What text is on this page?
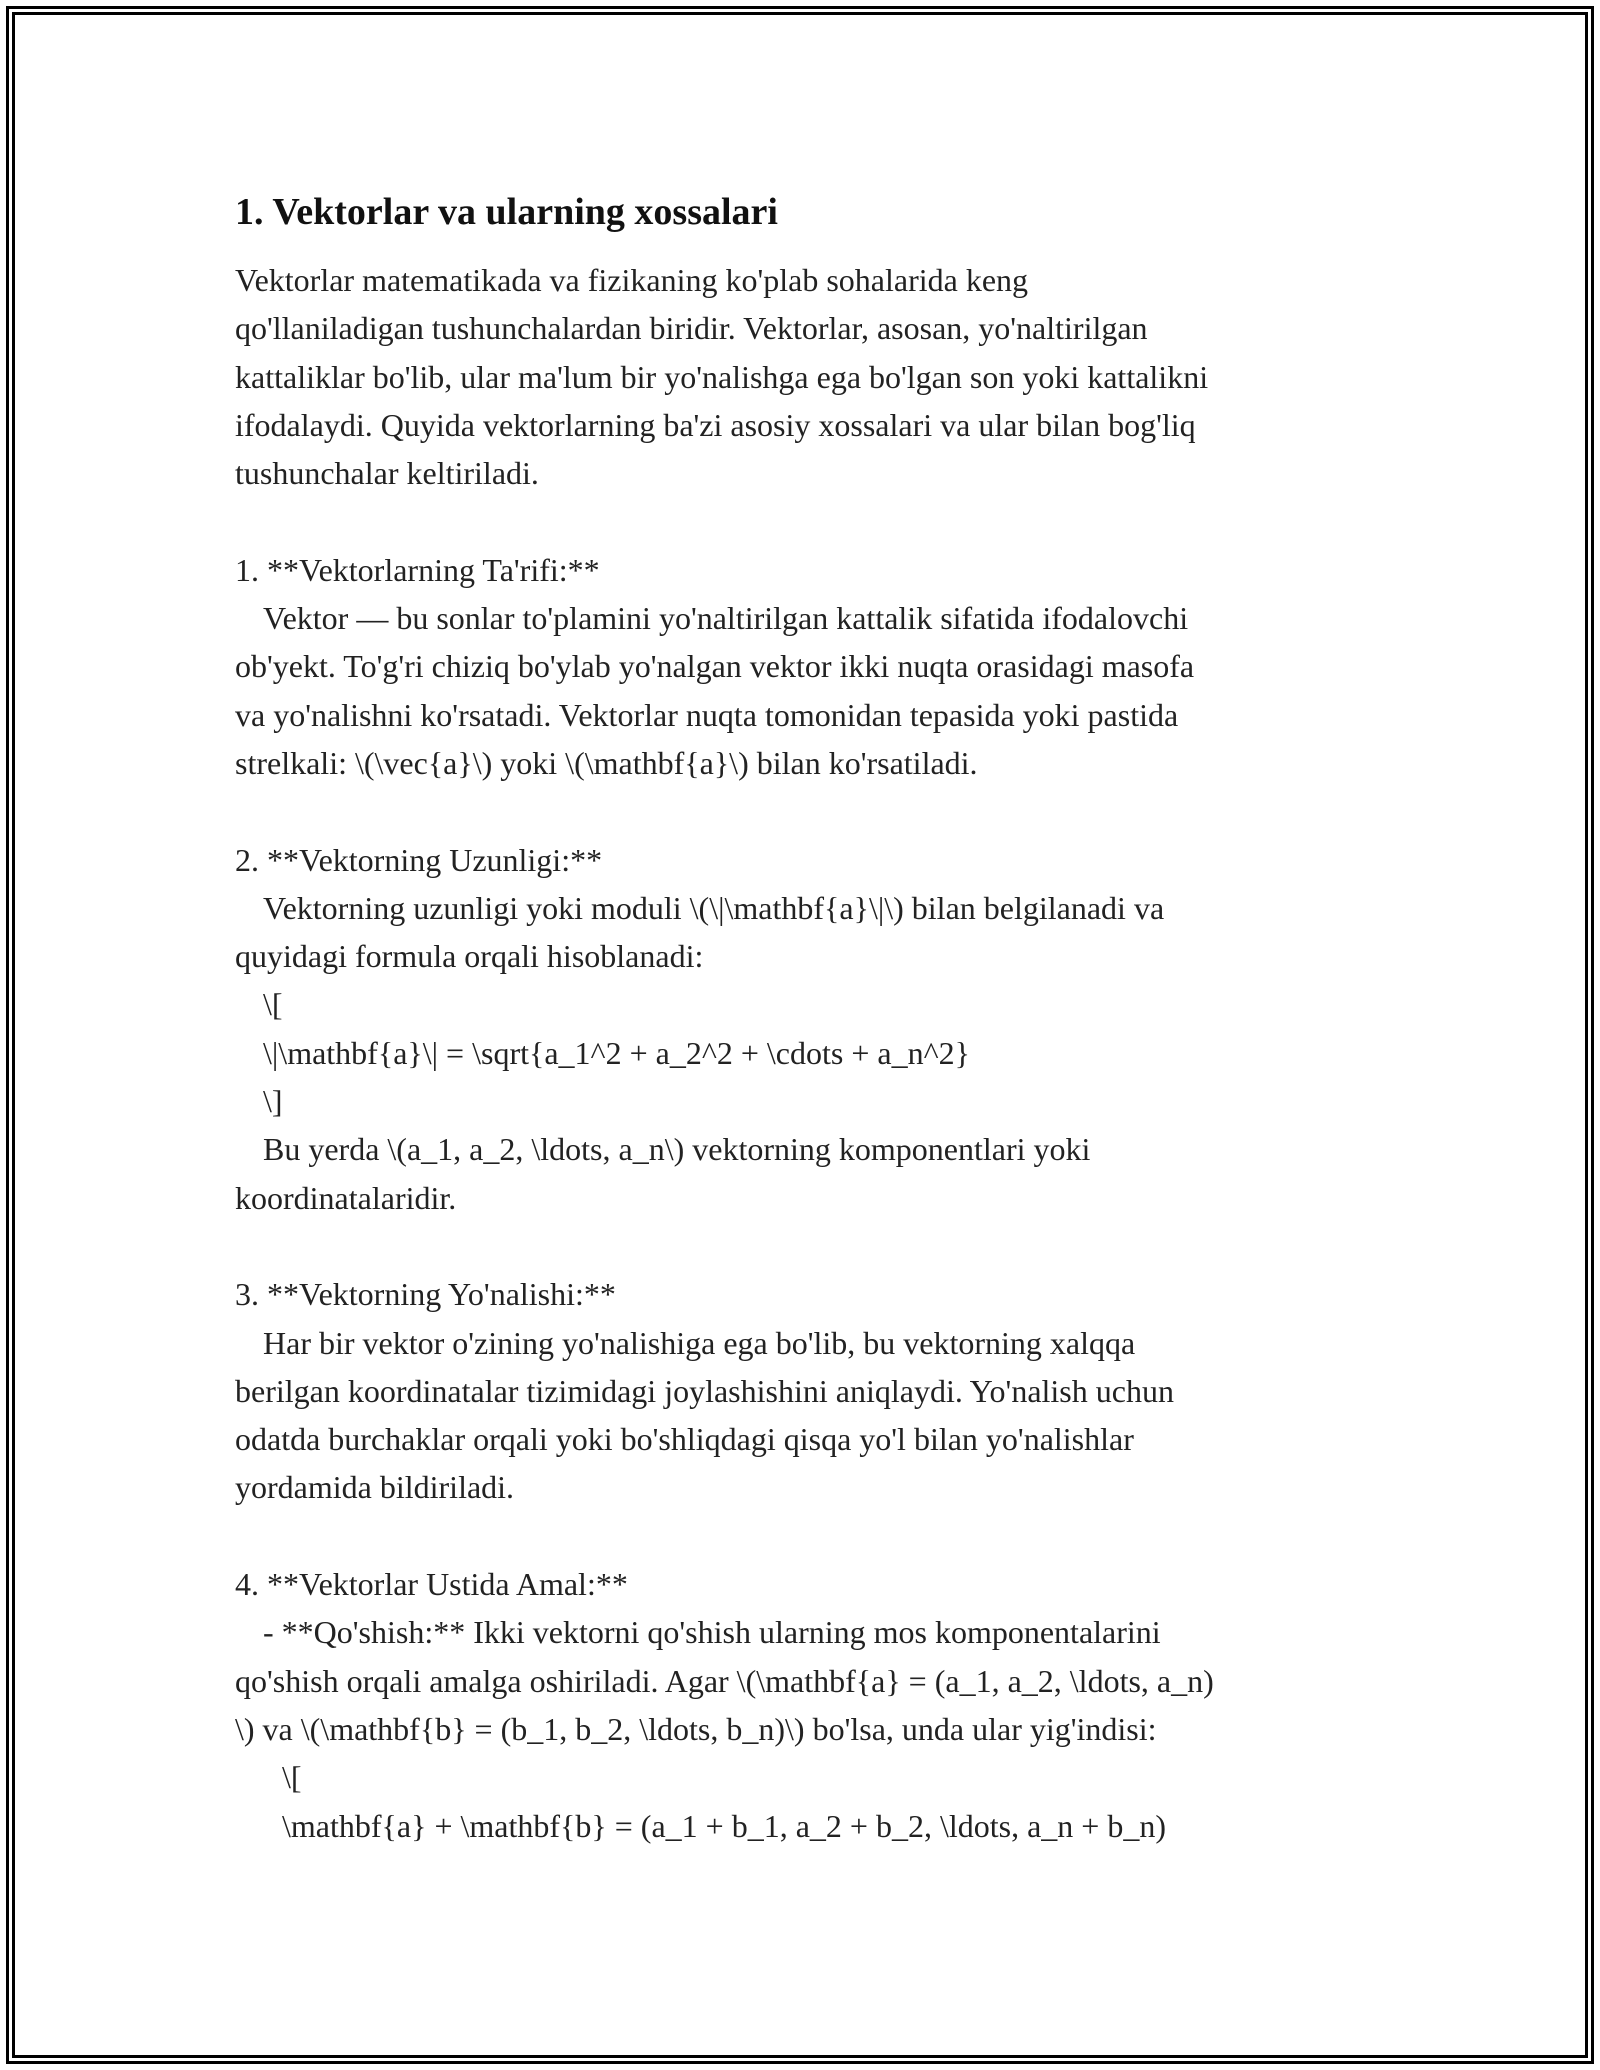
1. Vektorlar va ularning xossalari
Vektorlar matematikada va fizikaning ko'plab sohalarida keng
qo'llaniladigan tushunchalardan biridir. Vektorlar, asosan, yo'naltirilgan
kattaliklar bo'lib, ular ma'lum bir yo'nalishga ega bo'lgan son yoki kattalikni
ifodalaydi. Quyida vektorlarning ba'zi asosiy xossalari va ular bilan bog'liq
tushunchalar keltiriladi.
1. **Vektorlarning Ta'rifi:**
Vektor — bu sonlar to'plamini yo'naltirilgan kattalik sifatida ifodalovchi
ob'yekt. To'g'ri chiziq bo'ylab yo'nalgan vektor ikki nuqta orasidagi masofa
va yo'nalishni ko'rsatadi. Vektorlar nuqta tomonidan tepasida yoki pastida
strelkali: \(\vec{a}\) yoki \(\mathbf{a}\) bilan ko'rsatiladi.
2. **Vektorning Uzunligi:**
Vektorning uzunligi yoki moduli \(\|\mathbf{a}\|\) bilan belgilanadi va
quyidagi formula orqali hisoblanadi:
\[
\|\mathbf{a}\| = \sqrt{a_1^2 + a_2^2 + \cdots + a_n^2}
\]
Bu yerda \(a_1, a_2, \ldots, a_n\) vektorning komponentlari yoki
koordinatalaridir.
3. **Vektorning Yo'nalishi:**
Har bir vektor o'zining yo'nalishiga ega bo'lib, bu vektorning xalqqa
berilgan koordinatalar tizimidagi joylashishini aniqlaydi. Yo'nalish uchun
odatda burchaklar orqali yoki bo'shliqdagi qisqa yo'l bilan yo'nalishlar
yordamida bildiriladi.
4. **Vektorlar Ustida Amal:**
- **Qo'shish:** Ikki vektorni qo'shish ularning mos komponentalarini
qo'shish orqali amalga oshiriladi. Agar \(\mathbf{a} = (a_1, a_2, \ldots, a_n)
\) va \(\mathbf{b} = (b_1, b_2, \ldots, b_n)\) bo'lsa, unda ular yig'indisi:
\[
\mathbf{a} + \mathbf{b} = (a_1 + b_1, a_2 + b_2, \ldots, a_n + b_n)
